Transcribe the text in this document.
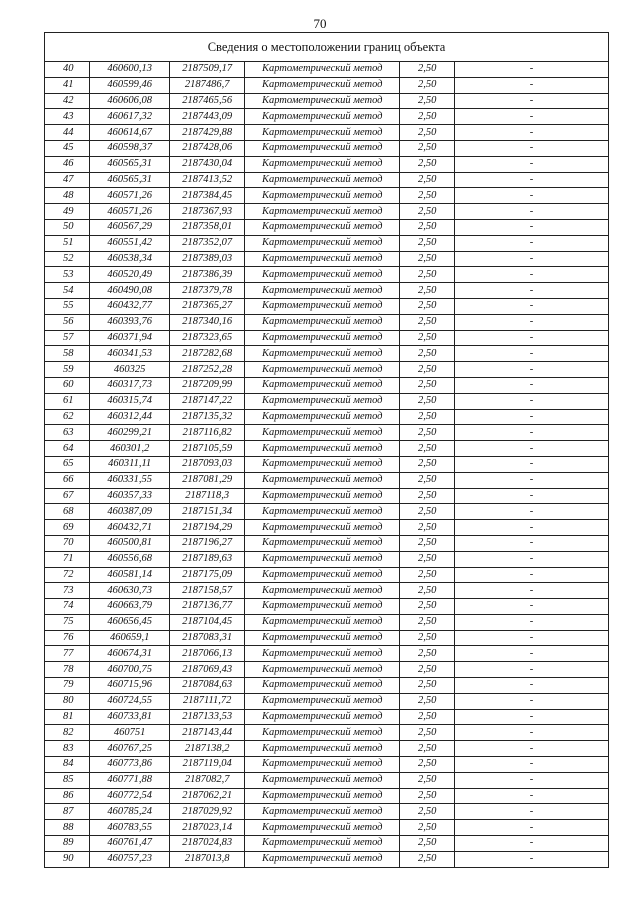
70
Сведения о местоположении границ объекта					
40	460600,13	2187509,17	Картометрический метод	2,50	-
41	460599,46	2187486,7	Картометрический метод	2,50	-
42	460606,08	2187465,56	Картометрический метод	2,50	-
43	460617,32	2187443,09	Картометрический метод	2,50	-
44	460614,67	2187429,88	Картометрический метод	2,50	-
45	460598,37	2187428,06	Картометрический метод	2,50	-
46	460565,31	2187430,04	Картометрический метод	2,50	-
47	460565,31	2187413,52	Картометрический метод	2,50	-
48	460571,26	2187384,45	Картометрический метод	2,50	-
49	460571,26	2187367,93	Картометрический метод	2,50	-
50	460567,29	2187358,01	Картометрический метод	2,50	-
51	460551,42	2187352,07	Картометрический метод	2,50	-
52	460538,34	2187389,03	Картометрический метод	2,50	-
53	460520,49	2187386,39	Картометрический метод	2,50	-
54	460490,08	2187379,78	Картометрический метод	2,50	-
55	460432,77	2187365,27	Картометрический метод	2,50	-
56	460393,76	2187340,16	Картометрический метод	2,50	-
57	460371,94	2187323,65	Картометрический метод	2,50	-
58	460341,53	2187282,68	Картометрический метод	2,50	-
59	460325	2187252,28	Картометрический метод	2,50	-
60	460317,73	2187209,99	Картометрический метод	2,50	-
61	460315,74	2187147,22	Картометрический метод	2,50	-
62	460312,44	2187135,32	Картометрический метод	2,50	-
63	460299,21	2187116,82	Картометрический метод	2,50	-
64	460301,2	2187105,59	Картометрический метод	2,50	-
65	460311,11	2187093,03	Картометрический метод	2,50	-
66	460331,55	2187081,29	Картометрический метод	2,50	-
67	460357,33	2187118,3	Картометрический метод	2,50	-
68	460387,09	2187151,34	Картометрический метод	2,50	-
69	460432,71	2187194,29	Картометрический метод	2,50	-
70	460500,81	2187196,27	Картометрический метод	2,50	-
71	460556,68	2187189,63	Картометрический метод	2,50	-
72	460581,14	2187175,09	Картометрический метод	2,50	-
73	460630,73	2187158,57	Картометрический метод	2,50	-
74	460663,79	2187136,77	Картометрический метод	2,50	-
75	460656,45	2187104,45	Картометрический метод	2,50	-
76	460659,1	2187083,31	Картометрический метод	2,50	-
77	460674,31	2187066,13	Картометрический метод	2,50	-
78	460700,75	2187069,43	Картометрический метод	2,50	-
79	460715,96	2187084,63	Картометрический метод	2,50	-
80	460724,55	2187111,72	Картометрический метод	2,50	-
81	460733,81	2187133,53	Картометрический метод	2,50	-
82	460751	2187143,44	Картометрический метод	2,50	-
83	460767,25	2187138,2	Картометрический метод	2,50	-
84	460773,86	2187119,04	Картометрический метод	2,50	-
85	460771,88	2187082,7	Картометрический метод	2,50	-
86	460772,54	2187062,21	Картометрический метод	2,50	-
87	460785,24	2187029,92	Картометрический метод	2,50	-
88	460783,55	2187023,14	Картометрический метод	2,50	-
89	460761,47	2187024,83	Картометрический метод	2,50	-
90	460757,23	2187013,8	Картометрический метод	2,50	-
